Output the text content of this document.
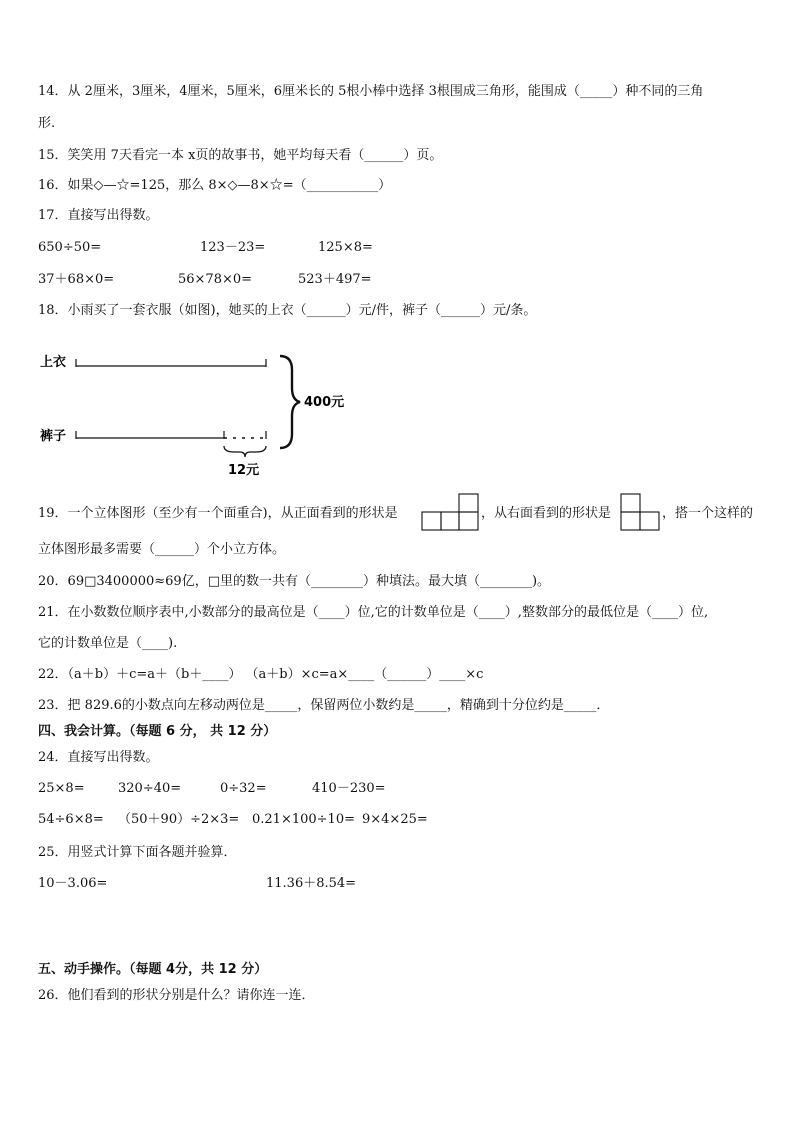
14．从 2厘米，3厘米，4厘米，5厘米，6厘米长的 5根小棒中选择 3根围成三角形，能围成（_____）种不同的三角
形.
15．笑笑用 7天看完一本 x页的故事书，她平均每天看（______）页。
16．如果◇—☆=125，那么 8×◇—8×☆=（___________）
17．直接写出得数。
650÷50=	123－23=	125×8=
37＋68×0=	56×78×0=	523＋497=
18．小雨买了一套衣服（如图)，她买的上衣（______）元/件，裤子（______）元/条。
上衣
裤子
12元
400元
19．一个立体图形（至少有一个面重合)，从正面看到的形状是	，从右面看到的形状是	，搭一个这样的
立体图形最多需要（______）个小立方体。
20．69□3400000≈69亿，□里的数一共有（________）种填法。最大填（________)。
21．在小数数位顺序表中,小数部分的最高位是（____）位,它的计数单位是（____）,整数部分的最低位是（____）位,
它的计数单位是（____).
22．（a＋b）＋c=a＋（b＋____） （a＋b）×c=a×____（______）____×c
23．把 829.6的小数点向左移动两位是_____，保留两位小数约是_____，精确到十分位约是_____．
四、我会计算。（每题 6 分， 共 12 分）
24．直接写出得数。
25×8=	320÷40=	0÷32=	410－230=
54÷6×8= （50＋90）÷2×3= 0.21×100÷10= 9×4×25=
25．用竖式计算下面各题并验算．
10－3.06=	11.36＋8.54=
五、动手操作。（每题 4分，共 12 分）
26．他们看到的形状分别是什么？请你连一连．
